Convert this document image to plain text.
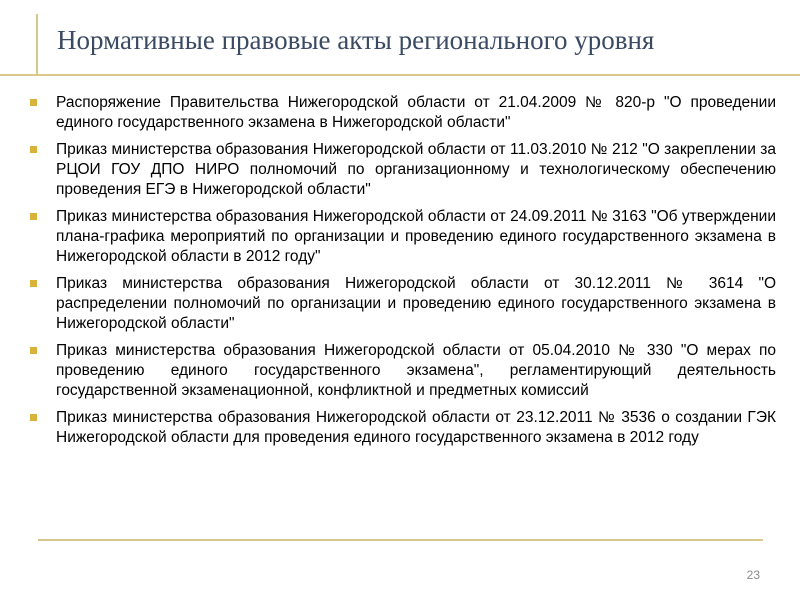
Нормативные правовые акты регионального уровня
Распоряжение Правительства Нижегородской области от 21.04.2009 № 820-р "О проведении единого государственного экзамена в Нижегородской области"
Приказ министерства образования Нижегородской области от 11.03.2010 № 212 "О закреплении за РЦОИ ГОУ ДПО НИРО полномочий по организационному и технологическому обеспечению проведения ЕГЭ в Нижегородской области"
Приказ министерства образования Нижегородской области от 24.09.2011 № 3163 "Об утверждении плана-графика мероприятий по организации и проведению единого государственного экзамена в Нижегородской области в 2012 году"
Приказ министерства образования Нижегородской области от 30.12.2011 № 3614 "О распределении полномочий по организации и проведению единого государственного экзамена в Нижегородской области"
Приказ министерства образования Нижегородской области от 05.04.2010 № 330 "О мерах по проведению единого государственного экзамена", регламентирующий деятельность государственной экзаменационной, конфликтной и предметных комиссий
Приказ министерства образования Нижегородской области от 23.12.2011 № 3536 о создании ГЭК Нижегородской области для проведения единого государственного экзамена в 2012 году
23
